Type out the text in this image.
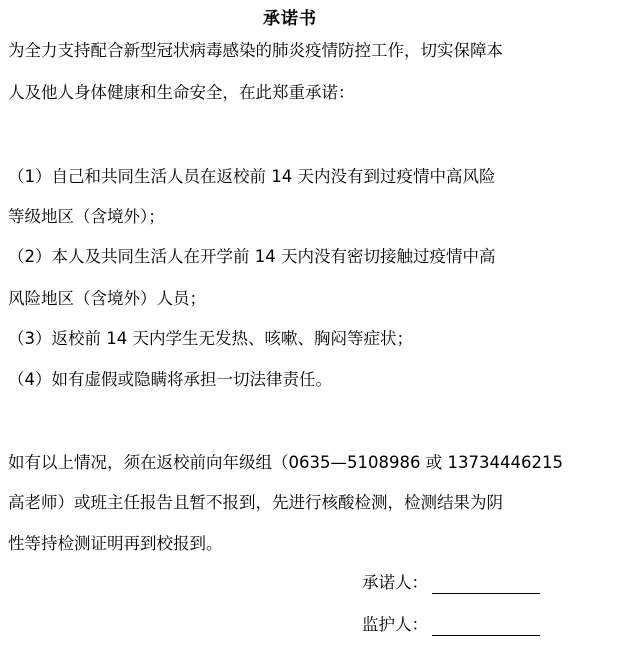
承诺书
为全力支持配合新型冠状病毒感染的肺炎疫情防控工作，切实保障本
人及他人身体健康和生命安全，在此郑重承诺：
（1）自己和共同生活人员在返校前 14 天内没有到过疫情中高风险
等级地区（含境外）；
（2）本人及共同生活人在开学前 14 天内没有密切接触过疫情中高
风险地区（含境外）人员；
（3）返校前 14 天内学生无发热、咳嗽、胸闷等症状；
（4）如有虚假或隐瞒将承担一切法律责任。
如有以上情况，须在返校前向年级组（0635—5108986 或 13734446215
高老师）或班主任报告且暂不报到，先进行核酸检测，检测结果为阴
性等持检测证明再到校报到。
承诺人：
监护人：
